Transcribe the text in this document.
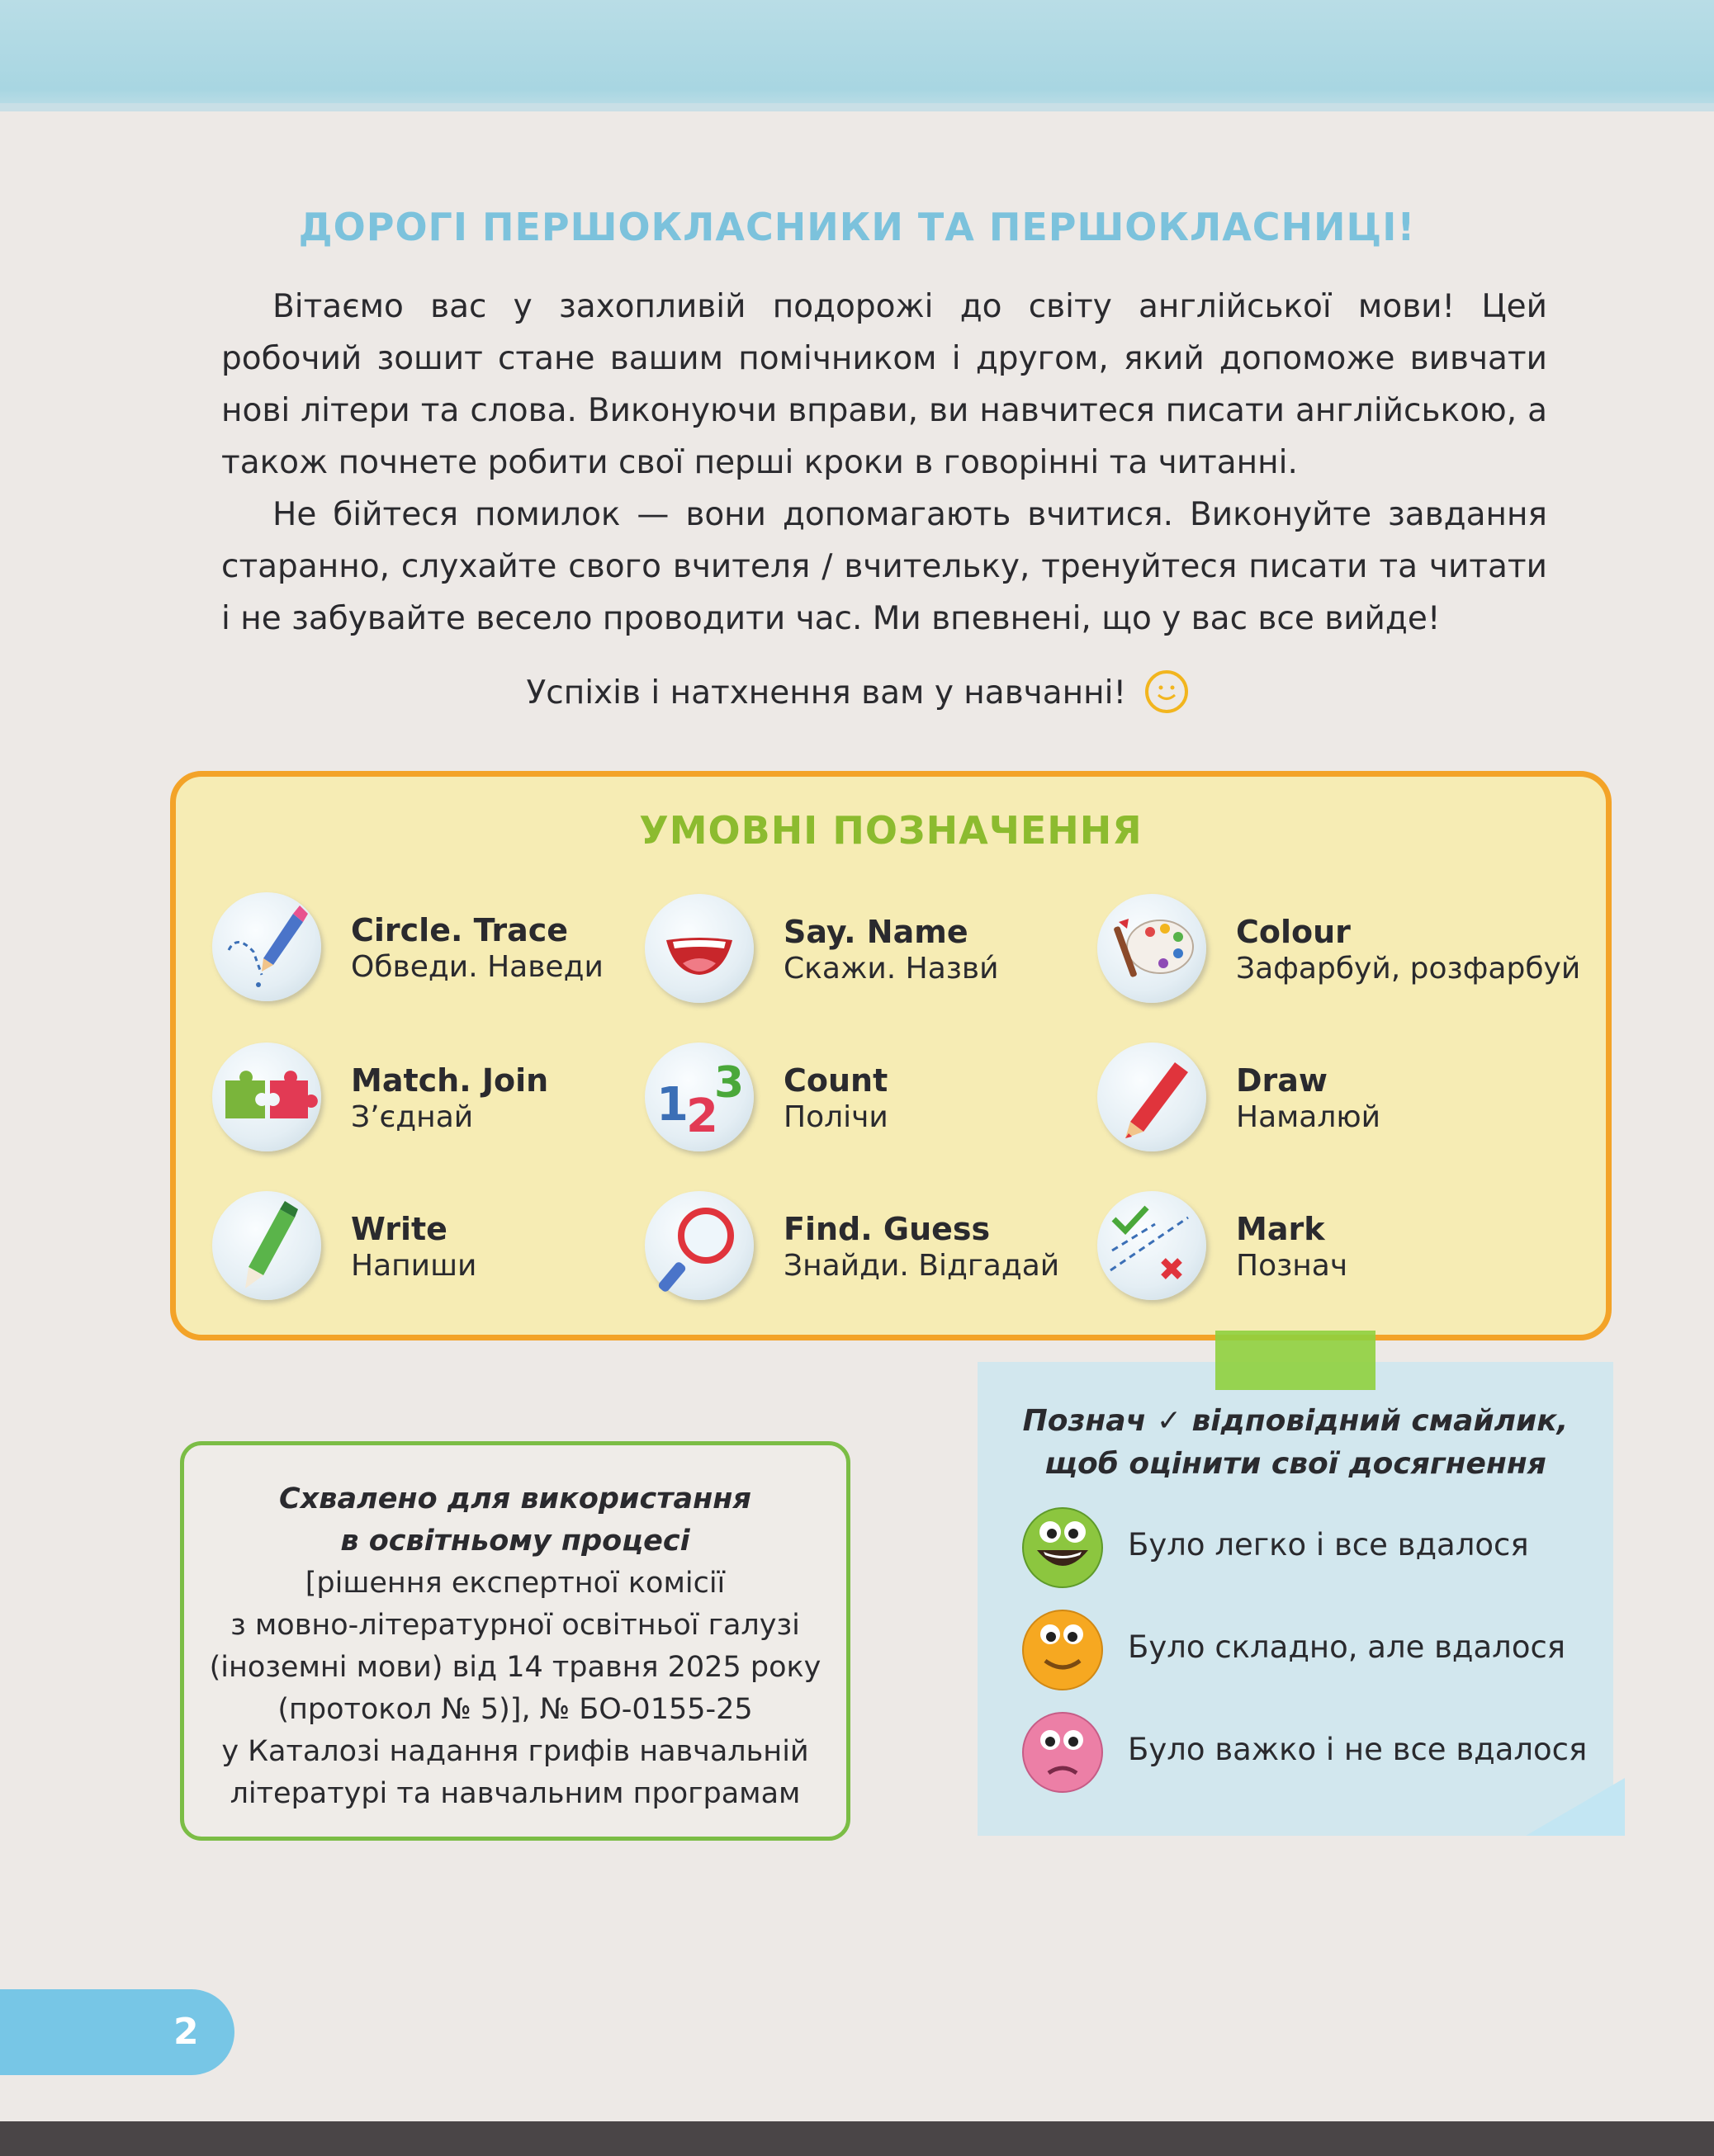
ДОРОГІ ПЕРШОКЛАСНИКИ ТА ПЕРШОКЛАСНИЦІ!

Вітаємо вас у захопливій подорожі до світу англійської мови! Цей робочий зошит стане вашим помічником і другом, який допоможе вивчати нові літери та слова. Виконуючи вправи, ви навчитеся писати англійською, а також почнете робити свої перші кроки в говорінні та читанні.

Не бійтеся помилок — вони допомагають вчитися. Виконуйте завдання старанно, слухайте свого вчителя / вчительку, тренуйтеся писати та читати і не забувайте весело проводити час. Ми впевнені, що у вас все вийде!

Успіхів і натхнення вам у навчанні!
УМОВНІ ПОЗНАЧЕННЯ
Circle. Trace
Обведи. Наведи
Say. Name
Скажи. Назви́
Colour
Зафарбуй, розфарбуй
Match. Join
З’єднай	1
2
3 Count
Полічи
Draw
Намалюй
Write
Напиши
Find. Guess
Знайди. Відгадай
Mark
Познач
Схвалено для використання
в освітньому процесі
[рішення експертної комісії
з мовно-літературної освітньої галузі
(іноземні мови) від 14 травня 2025 року
(протокол № 5)], № БО-0155-25
у Каталозі надання грифів навчальній
літературі та навчальним програмам
Познач ✓ відповідний смайлик,
щоб оцінити свої досягнення
Було легко і все вдалося
Було складно, але вдалося
Було важко і не все вдалося
2
